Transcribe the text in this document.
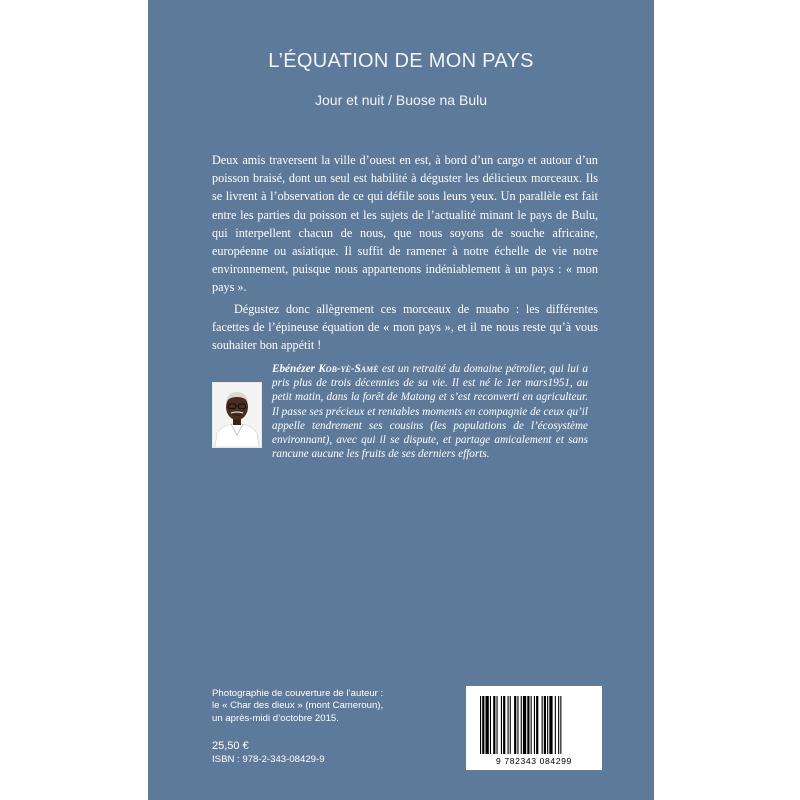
L’ÉQUATION DE MON PAYS
Jour et nuit / Buose na Bulu

Deux amis traversent la ville d’ouest en est, à bord d’un cargo et autour d’un poisson braisé, dont un seul est habilité à déguster les délicieux morceaux. Ils se livrent à l’observation de ce qui défile sous leurs yeux. Un parallèle est fait entre les parties du poisson et les sujets de l’actualité minant le pays de Bulu, qui interpellent chacun de nous, que nous soyons de souche africaine, européenne ou asiatique. Il suffit de ramener à notre échelle de vie notre environnement, puisque nous appartenons indéniablement à un pays : « mon pays ».

Dégustez donc allègrement ces morceaux de muabo : les différentes facettes de l’épineuse équation de « mon pays », et il ne nous reste qu’à vous souhaiter bon appétit !

Ebénézer Kob-yè-Samè est un retraité du domaine pétrolier, qui lui a pris plus de trois décennies de sa vie. Il est né le 1er mars1951, au petit matin, dans la forêt de Matong et s’est reconverti en agriculteur. Il passe ses précieux et rentables moments en compagnie de ceux qu’il appelle tendrement ses cousins (les populations de l’écosystème environnant), avec qui il se dispute, et partage amicalement et sans rancune aucune les fruits de ses derniers efforts.
Photographie de couverture de l’auteur :
le « Char des dieux » (mont Cameroun),
un après-midi d’octobre 2015.
25,50 €
ISBN : 978-2-343-08429-9	9 782343 084299
